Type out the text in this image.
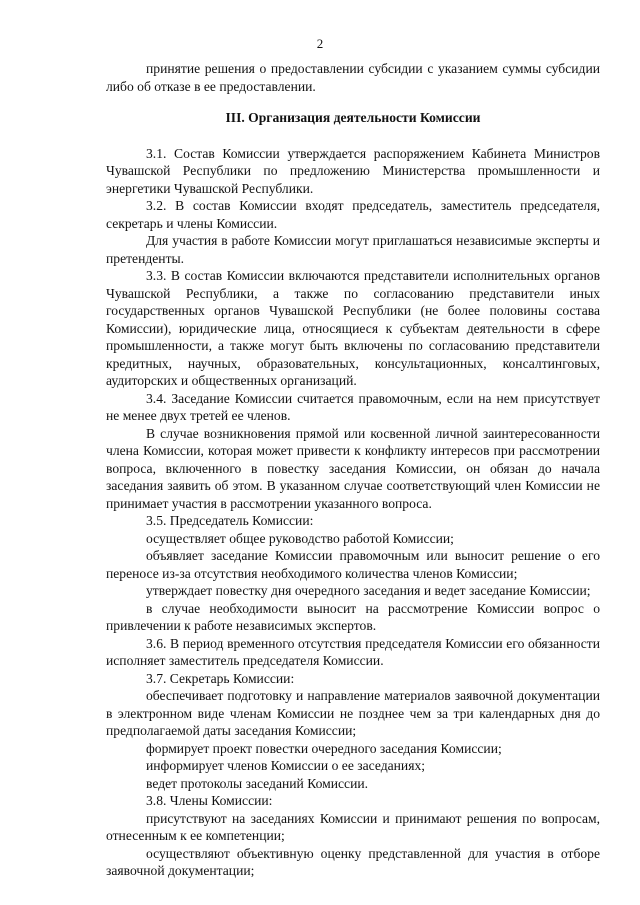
2

принятие решения о предоставлении субсидии с указанием суммы субсидии либо об отказе в ее предоставлении.

III. Организация деятельности Комиссии

3.1. Состав Комиссии утверждается распоряжением Кабинета Министров Чувашской Республики по предложению Министерства промышленности и энергетики Чувашской Республики.

3.2. В состав Комиссии входят председатель, заместитель председателя, секретарь и члены Комиссии.

Для участия в работе Комиссии могут приглашаться независимые эксперты и претенденты.

3.3. В состав Комиссии включаются представители исполнительных органов Чувашской Республики, а также по согласованию представители иных государственных органов Чувашской Республики (не более половины состава Комиссии), юридические лица, относящиеся к субъектам деятельности в сфере промышленности, а также могут быть включены по согласованию представители кредитных, научных, образовательных, консультационных, консалтинговых, аудиторских и общественных организаций.

3.4. Заседание Комиссии считается правомочным, если на нем присутствует не менее двух третей ее членов.

В случае возникновения прямой или косвенной личной заинтересованности члена Комиссии, которая может привести к конфликту интересов при рассмотрении вопроса, включенного в повестку заседания Комиссии, он обязан до начала заседания заявить об этом. В указанном случае соответствующий член Комиссии не принимает участия в рассмотрении указанного вопроса.

3.5. Председатель Комиссии:

осуществляет общее руководство работой Комиссии;

объявляет заседание Комиссии правомочным или выносит решение о его переносе из-за отсутствия необходимого количества членов Комиссии;

утверждает повестку дня очередного заседания и ведет заседание Комиссии;

в случае необходимости выносит на рассмотрение Комиссии вопрос о привлечении к работе независимых экспертов.

3.6. В период временного отсутствия председателя Комиссии его обязанности исполняет заместитель председателя Комиссии.

3.7. Секретарь Комиссии:

обеспечивает подготовку и направление материалов заявочной документации в электронном виде членам Комиссии не позднее чем за три календарных дня до предполагаемой даты заседания Комиссии;

формирует проект повестки очередного заседания Комиссии;

информирует членов Комиссии о ее заседаниях;

ведет протоколы заседаний Комиссии.

3.8. Члены Комиссии:

присутствуют на заседаниях Комиссии и принимают решения по вопросам, отнесенным к ее компетенции;

осуществляют объективную оценку представленной для участия в отборе заявочной документации;
